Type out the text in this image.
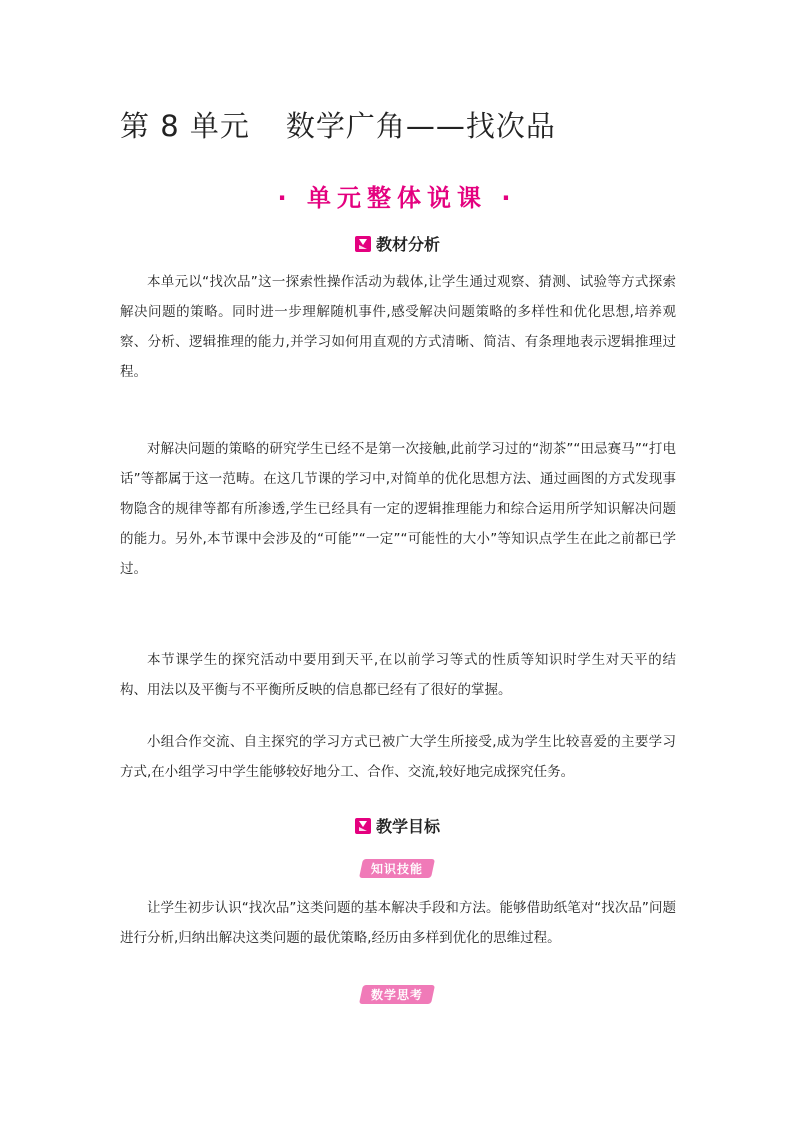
第 8 单元 数学广角——找次品
· 单元整体说课 ·
教材分析

本单元以“找次品”这一探索性操作活动为载体,让学生通过观察、猜测、试验等方式探索解决问题的策略。同时进一步理解随机事件,感受解决问题策略的多样性和优化思想,培养观察、分析、逻辑推理的能力,并学习如何用直观的方式清晰、简洁、有条理地表示逻辑推理过程。

对解决问题的策略的研究学生已经不是第一次接触,此前学习过的“沏茶”“田忌赛马”“打电话”等都属于这一范畴。在这几节课的学习中,对简单的优化思想方法、通过画图的方式发现事物隐含的规律等都有所渗透,学生已经具有一定的逻辑推理能力和综合运用所学知识解决问题的能力。另外,本节课中会涉及的“可能”“一定”“可能性的大小”等知识点学生在此之前都已学过。

本节课学生的探究活动中要用到天平,在以前学习等式的性质等知识时学生对天平的结构、用法以及平衡与不平衡所反映的信息都已经有了很好的掌握。

小组合作交流、自主探究的学习方式已被广大学生所接受,成为学生比较喜爱的主要学习方式,在小组学习中学生能够较好地分工、合作、交流,较好地完成探究任务。

教学目标
知识技能

让学生初步认识“找次品”这类问题的基本解决手段和方法。能够借助纸笔对“找次品”问题进行分析,归纳出解决这类问题的最优策略,经历由多样到优化的思维过程。

数学思考
